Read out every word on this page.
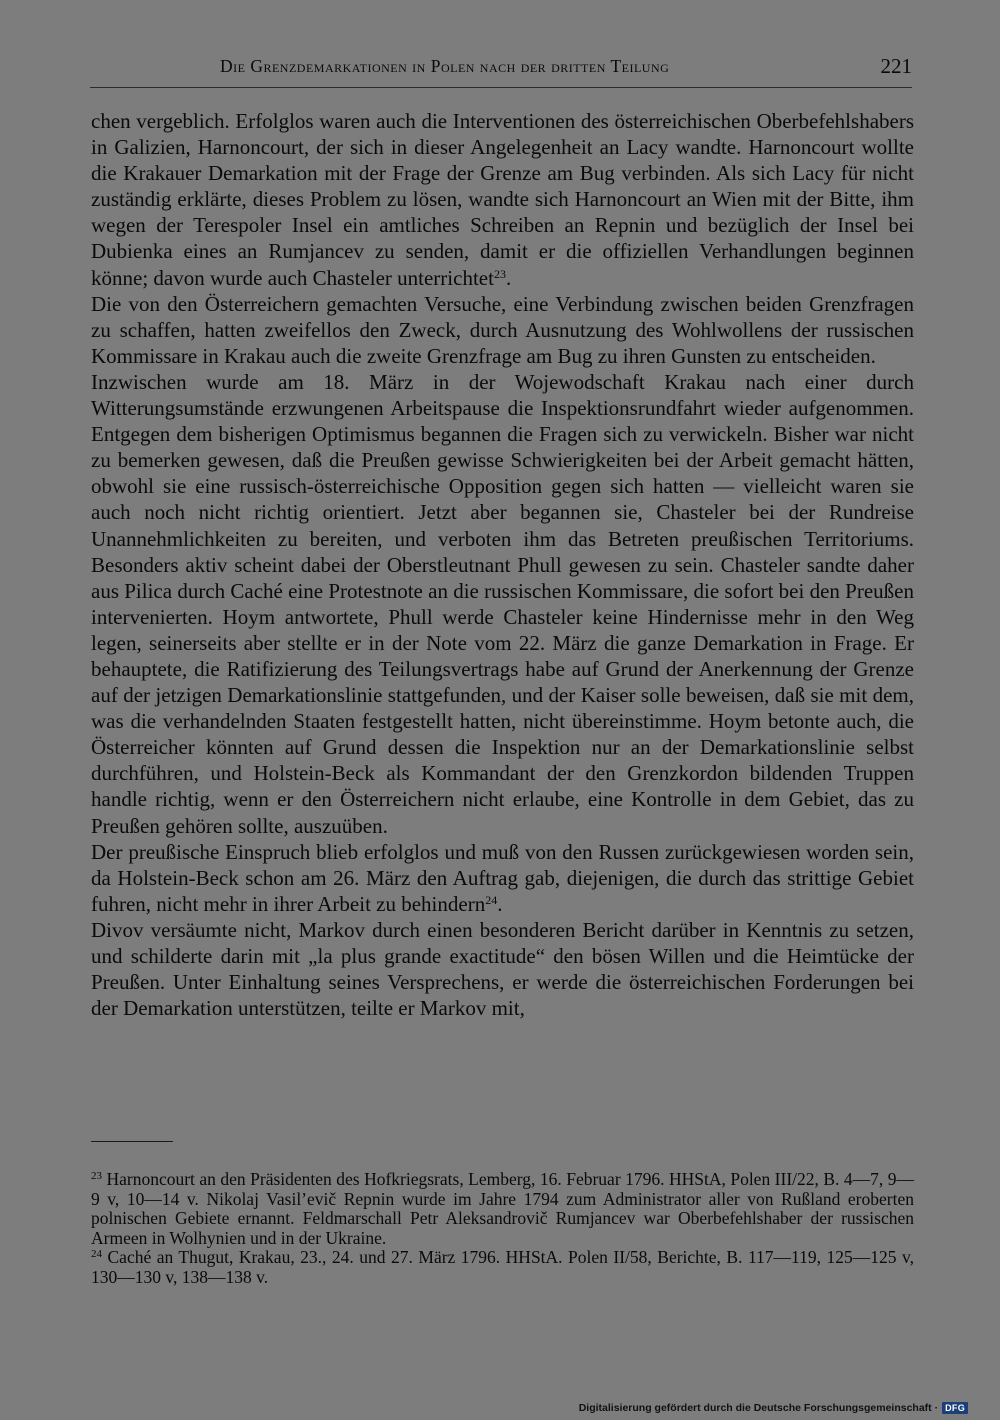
Die Grenzdemarkationen in Polen nach der dritten Teilung	221

chen vergeblich. Erfolglos waren auch die Interventionen des österreichischen Oberbefehlshabers in Galizien, Harnoncourt, der sich in dieser Angelegenheit an Lacy wandte. Harnoncourt wollte die Krakauer Demarkation mit der Frage der Grenze am Bug verbinden. Als sich Lacy für nicht zuständig erklärte, dieses Problem zu lösen, wandte sich Harnoncourt an Wien mit der Bitte, ihm wegen der Terespoler Insel ein amtliches Schreiben an Repnin und bezüglich der Insel bei Dubienka eines an Rumjancev zu senden, damit er die offiziellen Verhandlungen beginnen könne; davon wurde auch Chasteler unterrichtet$^{23}$.

Die von den Österreichern gemachten Versuche, eine Verbindung zwischen beiden Grenzfragen zu schaffen, hatten zweifellos den Zweck, durch Ausnutzung des Wohlwollens der russischen Kommissare in Krakau auch die zweite Grenzfrage am Bug zu ihren Gunsten zu entscheiden.

Inzwischen wurde am 18. März in der Wojewodschaft Krakau nach einer durch Witterungsumstände erzwungenen Arbeitspause die Inspektionsrundfahrt wieder aufgenommen. Entgegen dem bisherigen Optimismus begannen die Fragen sich zu verwickeln. Bisher war nicht zu bemerken gewesen, daß die Preußen gewisse Schwierigkeiten bei der Arbeit gemacht hätten, obwohl sie eine russisch-österreichische Opposition gegen sich hatten — vielleicht waren sie auch noch nicht richtig orientiert. Jetzt aber begannen sie, Chasteler bei der Rundreise Unannehmlichkeiten zu bereiten, und verboten ihm das Betreten preußischen Territoriums. Besonders aktiv scheint dabei der Oberstleutnant Phull gewesen zu sein. Chasteler sandte daher aus Pilica durch Caché eine Protestnote an die russischen Kommissare, die sofort bei den Preußen intervenierten. Hoym antwortete, Phull werde Chasteler keine Hindernisse mehr in den Weg legen, seinerseits aber stellte er in der Note vom 22. März die ganze Demarkation in Frage. Er behauptete, die Ratifizierung des Teilungsvertrags habe auf Grund der Anerkennung der Grenze auf der jetzigen Demarkationslinie stattgefunden, und der Kaiser solle beweisen, daß sie mit dem, was die verhandelnden Staaten festgestellt hatten, nicht übereinstimme. Hoym betonte auch, die Österreicher könnten auf Grund dessen die Inspektion nur an der Demarkationslinie selbst durchführen, und Holstein-Beck als Kommandant der den Grenzkordon bildenden Truppen handle richtig, wenn er den Österreichern nicht erlaube, eine Kontrolle in dem Gebiet, das zu Preußen gehören sollte, auszuüben.

Der preußische Einspruch blieb erfolglos und muß von den Russen zurückgewiesen worden sein, da Holstein-Beck schon am 26. März den Auftrag gab, diejenigen, die durch das strittige Gebiet fuhren, nicht mehr in ihrer Arbeit zu behindern$^{24}$.

Divov versäumte nicht, Markov durch einen besonderen Bericht darüber in Kenntnis zu setzen, und schilderte darin mit „la plus grande exactitude“ den bösen Willen und die Heimtücke der Preußen. Unter Einhaltung seines Versprechens, er werde die österreichischen Forderungen bei der Demarkation unterstützen, teilte er Markov mit,

$^{23}$ Harnoncourt an den Präsidenten des Hofkriegsrats, Lemberg, 16. Februar 1796. HHStA, Polen III/22, B. 4—7, 9—9 v, 10—14 v. Nikolaj Vasil’evič Repnin wurde im Jahre 1794 zum Administrator aller von Rußland eroberten polnischen Gebiete ernannt. Feldmarschall Petr Aleksandrovič Rumjancev war Oberbefehlshaber der russischen Armeen in Wolhynien und in der Ukraine.

$^{24}$ Caché an Thugut, Krakau, 23., 24. und 27. März 1796. HHStA. Polen II/58, Berichte, B. 117—119, 125—125 v, 130—130 v, 138—138 v.

Digitalisierung gefördert durch die Deutsche Forschungsgemeinschaft · DFG
